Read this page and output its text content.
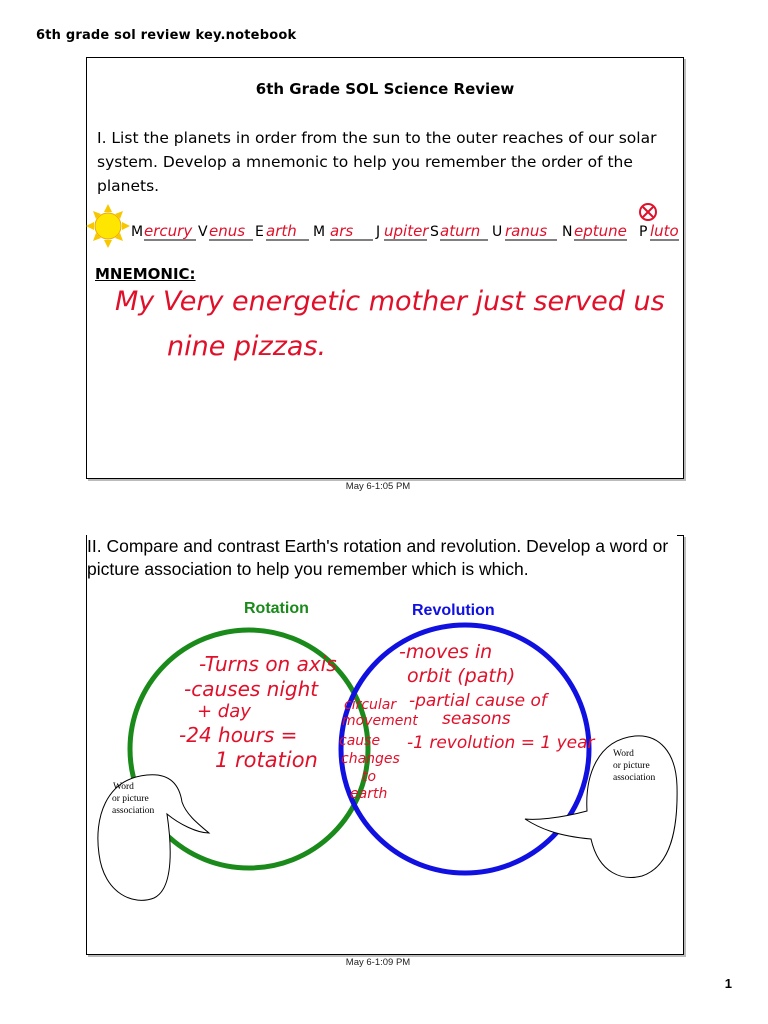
6th grade sol review key.notebook
6th Grade SOL Science Review
I. List the planets in order from the sun to the outer reaches of our solar system. Develop a mnemonic to help you remember the order of the planets.
M ercury V enus E arth M ars J upiter S aturn U ranus N eptune P luto
My Very energetic mother just served us
nine pizzas.
MNEMONIC:
May 6-1:05 PM
Rotation	Revolution
-Turns on axis
-causes night
+ day
-24 hours =
1 rotation
circular
movement
cause
changes
to
earth
-moves in
orbit (path)
-partial cause of
seasons
-1 revolution = 1 year
Word or picture association
Word or picture association
II. Compare and contrast Earth's rotation and revolution. Develop a word or picture association to help you remember which is which.
May 6-1:09 PM
1
